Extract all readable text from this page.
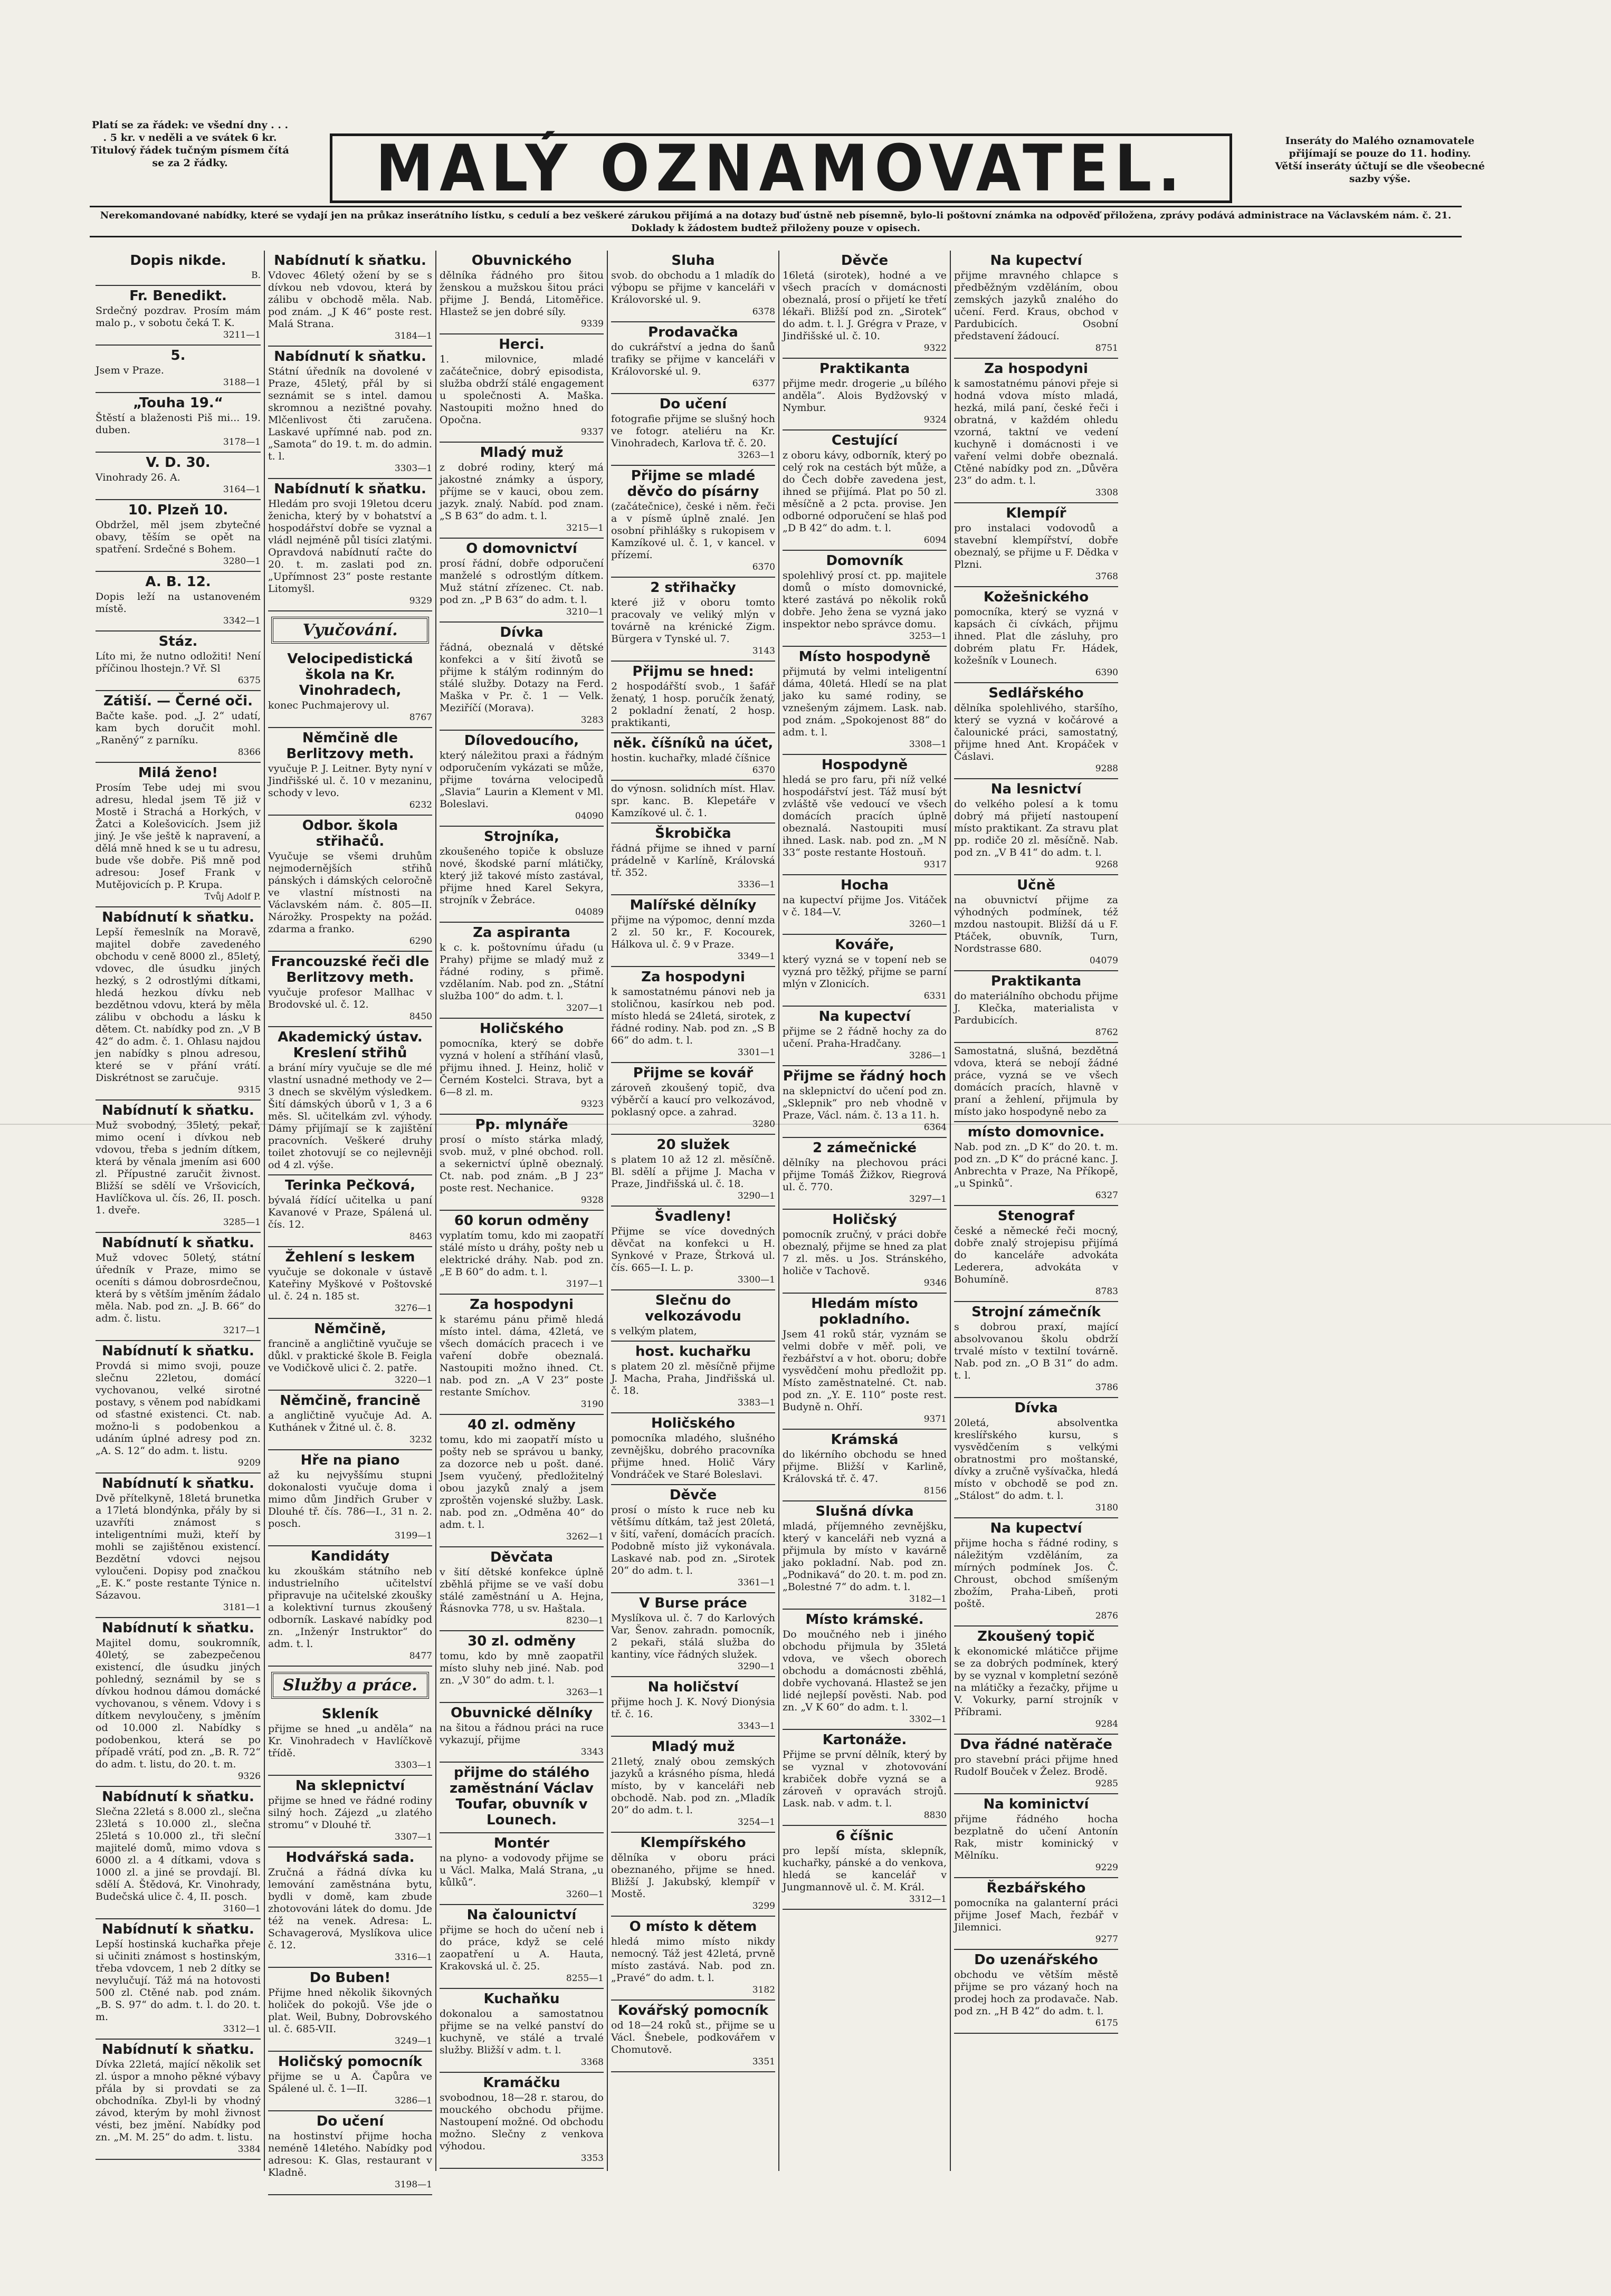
Platí se za řádek: ve všední dny . . . . 5 kr. v neděli a ve svátek 6 kr. Titulový řádek tučným písmem čítá se za 2 řádky.	MALÝ OZNAMOVATEL.	Inseráty do Malého oznamovatele přijímají se pouze do 11. hodiny. Větší inseráty účtují se dle všeobecné sazby výše.
Nerekomandované nabídky, které se vydají jen na průkaz inserátního lístku, s cedulí a bez veškeré zárukou přijímá a na dotazy buď ústně neb písemně, bylo-li poštovní známka na odpověď přiložena, zprávy podává administrace na Václavském nám. č. 21. Doklady k žádostem budtež přiloženy pouze v opisech.
Dopis nikde.

B.

Fr. Benedikt.

Srdečný pozdrav. Prosím mám malo p., v sobotu čeká T. K.

3211—1

5.

Jsem v Praze.

3188—1

„Touha 19.“

Štěstí a blaženosti Piš mi... 19. duben.

3178—1

V. D. 30.

Vinohrady 26. A.

3164—1

10. Plzeň 10.

Obdržel, měl jsem zbytečné obavy, těším se opět na spatření. Srdečné s Bohem.

3280—1

A. B. 12.

Dopis leží na ustanoveném místě.

3342—1

Stáz.

Líto mi, že nutno odložiti! Není příčinou lhostejn.? Vř. Sl

6375

Zátiší. — Černé oči.

Bačte kaše. pod. „J. 2“ udatí, kam bych doručit mohl. „Raněný“ z parníku.

8366

Milá ženo!

Prosím Tebe udej mi svou adresu, hledal jsem Tě již v Mostě i Strachá a Horkých, v Žatci a Kolešovicích. Jsem již jiný. Je vše ještě k napravení, a dělá mně hned k se u tu adresu, bude vše dobře. Piš mně pod adresou: Josef Frank v Mutějovicích p. P. Krupa.

Tvůj Adolf P.

Nabídnutí k sňatku.

Lepší řemeslník na Moravě, majitel dobře zavedeného obchodu v ceně 8000 zl., 85letý, vdovec, dle úsudku jiných hezký, s 2 odrostlými dítkami, hledá hezkou dívku neb bezdětnou vdovu, která by měla zálibu v obchodu a lásku k dětem. Ct. nabídky pod zn. „V B 42“ do adm. č. 1. Ohlasu najdou jen nabídky s plnou adresou, které se v přání vrátí. Diskrétnost se zaručuje.

9315

Nabídnutí k sňatku.

Muž svobodný, 35letý, pekař, mimo ocení i dívkou neb vdovou, třeba s jedním dítkem, která by věnala jmením asi 600 zl. Přípustné zaručit živnost. Bližší se sdělí ve Vršovicích, Havlíčkova ul. čís. 26, II. posch. 1. dveře.

3285—1

Nabídnutí k sňatku.

Muž vdovec 50letý, státní úředník v Praze, mimo se oceníti s dámou dobrosrdečnou, která by s větším jměním žádalo měla. Nab. pod zn. „J. B. 66“ do adm. č. listu.

3217—1

Nabídnutí k sňatku.

Provdá si mimo svoji, pouze slečnu 22letou, domácí vychovanou, velké sirotné postavy, s věnem pod nabídkami od sťastné existenci. Ct. nab. možno-li s podobenkou a udáním úplné adresy pod zn. „A. S. 12“ do adm. t. listu.

9209

Nabídnutí k sňatku.

Dvě přítelkyně, 18letá brunetka a 17letá blondýnka, přály by si uzavříti známost s inteligentními muži, kteří by mohli se zajištěnou existencí. Bezdětní vdovci nejsou vyloučeni. Dopisy pod značkou „E. K.“ poste restante Týnice n. Sázavou.

3181—1

Nabídnutí k sňatku.

Majitel domu, soukromník, 40letý, se zabezpečenou existencí, dle úsudku jiných pohledný, seznámil by se s dívkou hodnou dámou domácké vychovanou, s věnem. Vdovy i s dítkem nevyloučeny, s jměním od 10.000 zl. Nabídky s podobenkou, která se po případě vrátí, pod zn. „B. R. 72“ do adm. t. listu, do 20. t. m.

9326

Nabídnutí k sňatku.

Slečna 22letá s 8.000 zl., slečna 23letá s 10.000 zl., slečna 25letá s 10.000 zl., tři sleční majitelé domů, mimo vdova s 6000 zl. a 4 dítkami, vdova s 1000 zl. a jiné se provdají. Bl. sdělí A. Štědová, Kr. Vinohrady, Budečská ulice č. 4, II. posch.

3160—1

Nabídnutí k sňatku.

Lepší hostinská kuchařka přeje si učiniti známost s hostinským, třeba vdovcem, 1 neb 2 dítky se nevylučují. Táž má na hotovosti 500 zl. Ctěné nab. pod znám. „B. S. 97“ do adm. t. l. do 20. t. m.

3312—1

Nabídnutí k sňatku.

Dívka 22letá, mající několik set zl. úspor a mnoho pěkné výbavy přála by si provdati se za obchodníka. Zbyl-li by vhodný závod, kterým by mohl živnost vésti, bez jmění. Nabídky pod zn. „M. M. 25“ do adm. t. listu.

3384

Nabídnutí k sňatku.

Vdovec 46letý ožení by se s dívkou neb vdovou, která by zálibu v obchodě měla. Nab. pod znám. „J K 46“ poste rest. Malá Strana.

3184—1

Nabídnutí k sňatku.

Státní úředník na dovolené v Praze, 45letý, přál by si seznámit se s intel. damou skromnou a nezištné povahy. Mlčenlivost čti zaručena. Laskavé upřímné nab. pod zn. „Samota“ do 19. t. m. do admin. t. l.

3303—1

Nabídnutí k sňatku.

Hledám pro svoji 19letou dceru ženicha, který by v bohatství a hospodářství dobře se vyznal a vládl nejméně půl tisíci zlatými. Opravdová nabídnutí račte do 20. t. m. zaslati pod zn. „Upřímnost 23“ poste restante Litomyšl.

9329

Vyučování.
Velocipedistická škola na Kr. Vinohradech,

konec Puchmajerovy ul.

8767

Němčině dle Berlitzovy meth.

vyučuje P. J. Leitner. Byty nyní v Jindřišské ul. č. 10 v mezaninu, schody v levo.

6232

Odbor. škola střihačů.

Vyučuje se všemi druhům nejmodernějších střihů pánských i dámských celoročně ve vlastní místnosti na Václavském nám. č. 805—II. Nárožky. Prospekty na požád. zdarma a franko.

6290

Francouzské řeči dle Berlitzovy meth.

vyučuje profesor Mallhac v Brodovské ul. č. 12.

8450

Akademický ústav. Kreslení střihů

a brání míry vyučuje se dle mé vlastní usnadné methody ve 2—3 dnech se skvělým výsledkem. Šití dámských úborů v 1, 3 a 6 měs. Sl. učitelkám zvl. výhody. Dámy přijímají se k zajištění pracovních. Veškeré druhy toilet zhotovují se co nejlevněji od 4 zl. výše.

Terinka Pečková,

bývalá řídící učitelka u paní Kavanové v Praze, Spálená ul. čís. 12.

8463

Žehlení s leskem

vyučuje se dokonale v ústavě Kateřiny Myškové v Poštovské ul. č. 24 n. 185 st.

3276—1

Němčině,

francině a angličtině vyučuje se důkl. v praktické škole B. Feigla ve Vodičkově ulici č. 2. patře.

3220—1

Němčině, francině

a angličtině vyučuje Ad. A. Kuthánek v Žitné ul. č. 8.

3232

Hře na piano

až ku nejvyššímu stupni dokonalosti vyučuje doma i mimo dům Jindřich Gruber v Dlouhé tř. čís. 786—I., 31 n. 2. posch.

3199—1

Kandidáty

ku zkouškám státního neb industrielního učitelství připravuje na učitelské zkoušky a kolektivní turnus zkoušený odborník. Laskavé nabídky pod zn. „Inženýr Instruktor“ do adm. t. l.

8477

Služby a práce.
Skleník

přijme se hned „u anděla“ na Kr. Vinohradech v Havlíčkově třídě.

3303—1

Na sklepnictví

přijme se hned ve řádné rodiny silný hoch. Zájezd „u zlatého stromu“ v Dlouhé tř.

3307—1

Hodvářská sada.

Zručná a řádná dívka ku lemování zaměstnána bytu, bydli v domě, kam zbude zhotovováni látek do domu. Jde též na venek. Adresa: L. Schavagerová, Myslíkova ulice č. 12.

3316—1

Do Buben!

Přijme hned několik šikovných holiček do pokojů. Vše jde o plat. Weil, Bubny, Dobrovského ul. č. 685-VII.

3249—1

Holičský pomocník

přijme se u A. Čapůra ve Spálené ul. č. 1—II.

3286—1

Do učení

na hostinství přijme hocha neméně 14letého. Nabídky pod adresou: K. Glas, restaurant v Kladně.

3198—1

Obuvnického

dělníka řádného pro šitou ženskou a mužskou šitou práci přijme J. Bendá, Litoměřice. Hlastež se jen dobré síly.

9339

Herci.

1. milovnice, mladé začátečnice, dobrý episodista, služba obdrží stálé engagement u společnosti A. Maška. Nastoupiti možno hned do Opočna.

9337

Mladý muž

z dobré rodiny, který má jakostné známky a úspory, příjme se v kauci, obou zem. jazyk. znalý. Nabíd. pod znam. „S B 63“ do adm. t. l.

3215—1

O domovnictví

prosí řádní, dobře odporučení manželé s odrostlým dítkem. Muž státní zřízenec. Ct. nab. pod zn. „P B 63“ do adm. t. l.

3210—1

Dívka

řádná, obeznalá v dětské konfekci a v šití životů se přijme k stálým rodinným do stálé služby. Dotazy na Ferd. Maška v Pr. č. 1 — Velk. Meziříčí (Morava).

3283

Dílovedoucího,

který náležitou praxi a řádným odporučením vykázati se může, přijme továrna velocipedů „Slavia“ Laurin a Klement v Ml. Boleslavi.

04090

Strojníka,

zkoušeného topiče k obsluze nové, škodské parní mlátičky, který již takové místo zastával, přijme hned Karel Sekyra, strojník v Žebráce.

04089

Za aspiranta

k c. k. poštovnímu úřadu (u Prahy) přijme se mladý muž z řádné rodiny, s přimě. vzdělaním. Nab. pod zn. „Státní služba 100“ do adm. t. l.

3207—1

Holičského

pomocníka, který se dobře vyzná v holení a stříhání vlasů, přijmu ihned. J. Heinz, holič v Černém Kostelci. Strava, byt a 6—8 zl. m.

9323

Pp. mlynáře

prosí o místo stárka mladý, svob. muž, v plné obchod. roll. a sekernictví úplně obeznalý. Ct. nab. pod znám. „B J 23“ poste rest. Nechanice.

9328

60 korun odměny

vyplatím tomu, kdo mi zaopatří stálé místo u dráhy, pošty neb u elektrické dráhy. Nab. pod zn. „E B 60“ do adm. t. l.

3197—1

Za hospodyni

k starému pánu přimě hledá místo intel. dáma, 42letá, ve všech domácích pracech i ve vaření dobře obeznalá. Nastoupiti možno ihned. Ct. nab. pod zn. „A V 23“ poste restante Smíchov.

3190

40 zl. odměny

tomu, kdo mi zaopatří místo u pošty neb se správou u banky, za dozorce neb u pošt. dané. Jsem vyučený, předložitelný obou jazyků znalý a jsem zproštěn vojenské služby. Lask. nab. pod zn. „Odměna 40“ do adm. t. l.

3262—1

Děvčata

v šití dětské konfekce úplně zběhlá přijme se ve vaší dobu stálé zaměstnání u A. Hejna, Řásnovka 778, u sv. Haštala.

8230—1

30 zl. odměny

tomu, kdo by mně zaopatřil místo sluhy neb jiné. Nab. pod zn. „V 30“ do adm. t. l.

3263—1

Obuvnické dělníky

na šitou a řádnou práci na ruce vykazují, přijme

3343

přijme do stálého zaměstnání Václav Toufar, obuvník v Lounech.
Montér

na plyno- a vodovody přijme se u Václ. Malka, Malá Strana, „u kůlků“.

3260—1

Na čalounictví

přijme se hoch do učení neb i do práce, když se celé zaopatření u A. Hauta, Krakovská ul. č. 25.

8255—1

Kuchaňku

dokonalou a samostatnou přijme se na velké panství do kuchyně, ve stálé a trvalé služby. Bližší v adm. t. l.

3368

Kramáčku

svobodnou, 18—28 r. starou, do mouckého obchodu přijme. Nastoupení možné. Od obchodu možno. Slečny z venkova výhodou.

3353

Sluha

svob. do obchodu a 1 mladík do výbopu se přijme v kanceláři v Královorské ul. 9.

6378

Prodavačka

do cukrářství a jedna do šanů trafiky se přijme v kanceláři v Královorské ul. 9.

6377

Do učení

fotografie přijme se slušný hoch ve fotogr. ateliéru na Kr. Vinohradech, Karlova tř. č. 20.

3263—1

Přijme se mladé děvčo do písárny

(začátečnice), české i něm. řeči a v písmě úplně znalé. Jen osobní přihlášky s rukopisem v Kamzíkové ul. č. 1, v kancel. v přízemí.

6370

2 střihačky

které již v oboru tomto pracovaly ve veliký mlýn v továrně na krénické Zigm. Bürgera v Tynské ul. 7.

3143

Přijmu se hned:

2 hospodářští svob., 1 šafář ženatý, 1 hosp. poručík ženatý, 2 pokladní ženatí, 2 hosp. praktikanti,

něk. číšníků na účet,

hostin. kuchařky, mladé číšnice

6370

do výnosn. solidních míst. Hlav. spr. kanc. B. Klepetáře v Kamzíkové ul. č. 1.

Škrobička

řádná přijme se ihned v parní prádelně v Karlíně, Královská tř. 352.

3336—1

Malířské dělníky

přijme na výpomoc, denní mzda 2 zl. 50 kr., F. Kocourek, Hálkova ul. č. 9 v Praze.

3349—1

Za hospodyni

k samostatnému pánovi neb ja stoličnou, kasírkou neb pod. místo hledá se 24letá, sirotek, z řádné rodiny. Nab. pod zn. „S B 66“ do adm. t. l.

3301—1

Přijme se kovář

zároveň zkoušený topič, dva výběrčí a kaucí pro velkozávod, poklasný opce. a zahrad.

3280

20 služek

s platem 10 až 12 zl. měsíčně. Bl. sdělí a přijme J. Macha v Praze, Jindřišská ul. č. 18.

3290—1

Švadleny!

Přijme se více dovedných děvčat na konfekci u H. Synkové v Praze, Štrková ul. čís. 665—I. L. p.

3300—1

Slečnu do velkozávodu

s velkým platem,

host. kuchařku

s platem 20 zl. měsíčně přijme J. Macha, Praha, Jindřišská ul. č. 18.

3383—1

Holičského

pomocníka mladého, slušného zevnějšku, dobrého pracovníka přijme hned. Holič Váry Vondráček ve Staré Boleslavi.

Děvče

prosí o místo k ruce neb ku většímu dítkám, taž jest 20letá, v šití, vaření, domácích pracích. Podobně místo již vykonávala. Laskavé nab. pod zn. „Sirotek 20“ do adm. t. l.

3361—1

V Burse práce

Myslíkova ul. č. 7 do Karlových Var, Šenov. zahradn. pomocník, 2 pekaři, stálá služba do kantiny, více řádných služek.

3290—1

Na holičství

přijme hoch J. K. Nový Dionýsia tř. č. 16.

3343—1

Mladý muž

21letý, znalý obou zemských jazyků a krásného písma, hledá místo, by v kanceláři neb obchodě. Nab. pod zn. „Mladík 20“ do adm. t. l.

3254—1

Klempířského

dělníka v oboru práci obeznaného, přijme se hned. Bližší J. Jakubský, klempíř v Mostě.

3299

O místo k dětem

hledá mimo místo nikdy nemocný. Táž jest 42letá, prvně místo zastává. Nab. pod zn. „Pravé“ do adm. t. l.

3182

Kovářský pomocník

od 18—24 roků st., přijme se u Václ. Šnebele, podkovářem v Chomutově.

3351

Děvče

16letá (sirotek), hodné a ve všech pracích v domácnosti obeznalá, prosí o přijetí ke třetí lékaři. Bližší pod zn. „Sirotek“ do adm. t. l. J. Grégra v Praze, v Jindřišské ul. č. 10.

9322

Praktikanta

přijme medr. drogerie „u bílého anděla“. Alois Bydžovský v Nymbur.

9324

Cestující

z oboru kávy, odborník, který po celý rok na cestách být může, a do Čech dobře zavedena jest, ihned se přijímá. Plat po 50 zl. měsíčně a 2 pcta. provise. Jen odborné odporučení se hlaš pod „D B 42“ do adm. t. l.

6094

Domovník

spolehlivý prosí ct. pp. majitele domů o místo domovnické, které zastává po několik roků dobře. Jeho žena se vyzná jako inspektor nebo správce domu.

3253—1

Místo hospodyně

přijmutá by velmi inteligentní dáma, 40letá. Hledí se na plat jako ku samé rodiny, se vznešeným zájmem. Lask. nab. pod znám. „Spokojenost 88“ do adm. t. l.

3308—1

Hospodyně

hledá se pro faru, při níž velké hospodářství jest. Táž musí být zvláště vše vedoucí ve všech domácích pracích úplně obeznalá. Nastoupiti musí ihned. Lask. nab. pod zn. „M N 33“ poste restante Hostouň.

9317

Hocha

na kupectví přijme Jos. Vitáček v č. 184—V.

3260—1

Kováře,

který vyzná se v topení neb se vyzná pro těžký, přijme se parní mlýn v Zlonicích.

6331

Na kupectví

přijme se 2 řádně hochy za do učení. Praha-Hradčany.

3286—1

Přijme se řádný hoch

na sklepnictví do učení pod zn. „Sklepnik“ pro neb vhodně v Praze, Václ. nám. č. 13 a 11. h.

6364

2 zámečnické

dělníky na plechovou práci přijme Tomáš Žižkov, Riegrová ul. č. 770.

3297—1

Holičský

pomocník zručný, v práci dobře obeznalý, přijme se hned za plat 7 zl. měs. u Jos. Stránského, holiče v Tachově.

9346

Hledám místo pokladního.

Jsem 41 roků stár, vyznám se velmi dobře v měř. poli, ve řezbářství a v hot. oboru; dobře vysvědčení mohu předložit pp. Místo zaměstnatelné. Ct. nab. pod zn. „Y. E. 110“ poste rest. Budyně n. Ohří.

9371

Krámská

do likérního obchodu se hned přijme. Bližší v Karlině, Královská tř. č. 47.

8156

Slušná dívka

mladá, příjemného zevnějšku, který v kanceláři neb vyzná a přijmula by místo v kavárně jako pokladní. Nab. pod zn. „Podnikavá“ do 20. t. m. pod zn. „Bolestné 7“ do adm. t. l.

3182—1

Místo krámské.

Do moučného neb i jiného obchodu přijmula by 35letá vdova, ve všech oborech obchodu a domácnosti zběhlá, dobře vychovaná. Hlastež se jen lidé nejlepší pověsti. Nab. pod zn. „V K 60“ do adm. t. l.

3302—1

Kartonáže.

Přijme se první dělník, který by se vyznal v zhotovování krabiček dobře vyzná se a zároveň v opravách strojů. Lask. nab. v adm. t. l.

8830

6 číšnic

pro lepší místa, sklepník, kuchařky, pánské a do venkova, hledá se kancelář v Jungmannově ul. č. M. Král.

3312—1

Na kupectví

přijme mravného chlapce s předběžným vzděláním, obou zemských jazyků znalého do učení. Ferd. Kraus, obchod v Pardubicích. Osobní představení žádoucí.

8751

Za hospodyni

k samostatnému pánovi přeje si hodná vdova místo mladá, hezká, milá paní, české řeči i obratná, v každém ohledu vzorná, taktní ve vedení kuchyně i domácnosti i ve vaření velmi dobře obeznalá. Ctěné nabídky pod zn. „Důvěra 23“ do adm. t. l.

3308

Klempíř

pro instalaci vodovodů a stavební klempířství, dobře obeznalý, se přijme u F. Dědka v Plzni.

3768

Kožešnického

pomocníka, který se vyzná v kapsách či cívkách, přijmu ihned. Plat dle zásluhy, pro dobrém platu Fr. Hádek, kožešník v Lounech.

6390

Sedlářského

dělníka spolehlivého, staršího, který se vyzná v kočárové a čalounické práci, samostatný, přijme hned Ant. Kropáček v Čáslavi.

9288

Na lesnictví

do velkého polesí a k tomu dobrý má přijetí nastoupení místo praktikant. Za stravu plat pp. rodiče 20 zl. měsíčně. Nab. pod zn. „V B 41“ do adm. t. l.

9268

Učně

na obuvnictví přijme za výhodných podmínek, též mzdou nastoupit. Bližší dá u F. Ptáček, obuvník, Turn, Nordstrasse 680.

04079

Praktikanta

do materiálního obchodu přijme J. Klečka, materialista v Pardubicích.

8762

Samostatná, slušná, bezdětná vdova, která se nebojí žádné práce, vyzná se ve všech domácích pracích, hlavně v praní a žehlení, přijmula by místo jako hospodyně nebo za

místo domovnice.

Nab. pod zn. „D K“ do 20. t. m. pod zn. „D K“ do prácné kanc. J. Anbrechta v Praze, Na Příkopě, „u Spinků“.

6327

Stenograf

české a německé řeči mocný, dobře znalý strojepisu přijímá do kanceláře advokáta Lederera, advokáta v Bohumíně.

8783

Strojní zámečník

s dobrou praxí, mající absolvovanou školu obdrží trvalé místo v textilní továrně. Nab. pod zn. „O B 31“ do adm. t. l.

3786

Dívka

20letá, absolventka kreslířského kursu, s vysvědčením s velkými obratnostmi pro moštanské, dívky a zručně vyšívačka, hledá místo v obchodě se pod zn. „Stálost“ do adm. t. l.

3180

Na kupectví

přijme hocha s řádné rodiny, s náležitým vzděláním, za mírných podmínek Jos. Č. Chroust, obchod smíšeným zbožím, Praha-Libeň, proti poště.

2876

Zkoušený topič

k ekonomické mlátičce přijme se za dobrých podmínek, který by se vyznal v kompletní sezóně na mlátičky a řezačky, přijme u V. Vokurky, parní strojník v Příbrami.

9284

Dva řádné natěrače

pro stavební práci přijme hned Rudolf Bouček v Želez. Brodě.

9285

Na kominictví

přijme řádného hocha bezplatně do učení Antonín Rak, mistr kominický v Mělníku.

9229

Řezbářského

pomocníka na galanterní práci přijme Josef Mach, řezbář v Jilemnici.

9277

Do uzenářského

obchodu ve větším městě přijme se pro vázaný hoch na prodej hoch za prodavače. Nab. pod zn. „H B 42“ do adm. t. l.

6175
